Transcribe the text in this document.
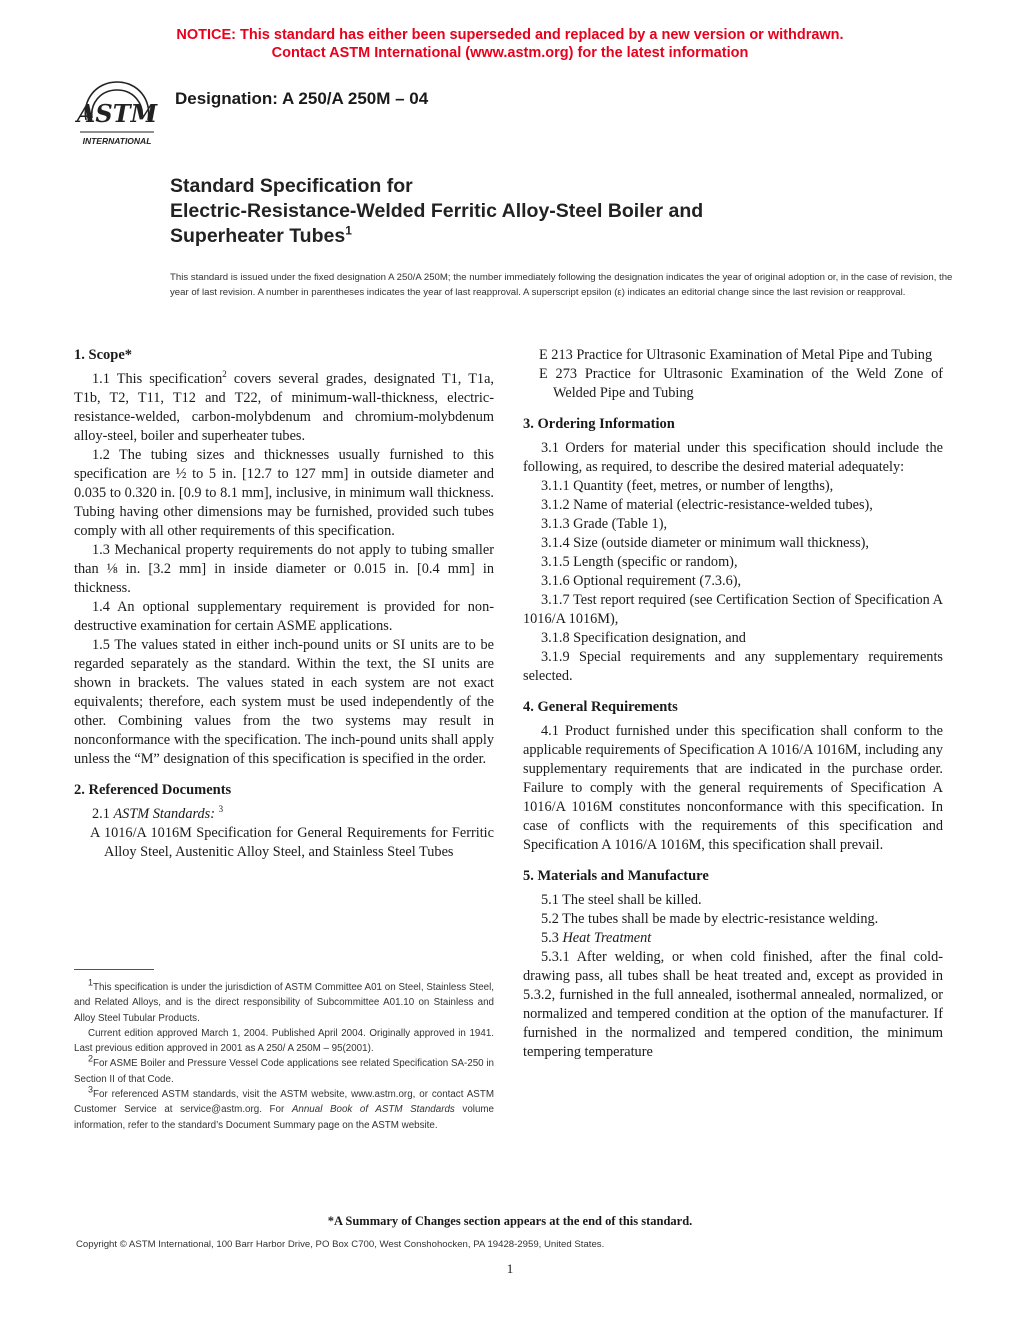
NOTICE: This standard has either been superseded and replaced by a new version or withdrawn.
Contact ASTM International (www.astm.org) for the latest information
ASTM
INTERNATIONAL
Designation: A 250/A 250M – 04
Standard Specification for
Electric-Resistance-Welded Ferritic Alloy-Steel Boiler and
Superheater Tubes$^1$
This standard is issued under the fixed designation A 250/A 250M; the number immediately following the designation indicates the year of original adoption or, in the case of revision, the year of last revision. A number in parentheses indicates the year of last reapproval. A superscript epsilon (ε) indicates an editorial change since the last revision or reapproval.
1. Scope*

1.1 This specification$^2$ covers several grades, designated T1, T1a, T1b, T2, T11, T12 and T22, of minimum-wall-thickness, electric-resistance-welded, carbon-molybdenum and chromium-molybdenum alloy-steel, boiler and superheater tubes.

1.2 The tubing sizes and thicknesses usually furnished to this specification are ½ to 5 in. [12.7 to 127 mm] in outside diameter and 0.035 to 0.320 in. [0.9 to 8.1 mm], inclusive, in minimum wall thickness. Tubing having other dimensions may be furnished, provided such tubes comply with all other requirements of this specification.

1.3 Mechanical property requirements do not apply to tubing smaller than ⅛ in. [3.2 mm] in inside diameter or 0.015 in. [0.4 mm] in thickness.

1.4 An optional supplementary requirement is provided for non-destructive examination for certain ASME applications.

1.5 The values stated in either inch-pound units or SI units are to be regarded separately as the standard. Within the text, the SI units are shown in brackets. The values stated in each system are not exact equivalents; therefore, each system must be used independently of the other. Combining values from the two systems may result in nonconformance with the specification. The inch-pound units shall apply unless the “M” designation of this specification is specified in the order.

2. Referenced Documents

2.1 ASTM Standards: $^3$

A 1016/A 1016M Specification for General Requirements for Ferritic Alloy Steel, Austenitic Alloy Steel, and Stainless Steel Tubes

$^1$This specification is under the jurisdiction of ASTM Committee A01 on Steel, Stainless Steel, and Related Alloys, and is the direct responsibility of Subcommittee A01.10 on Stainless and Alloy Steel Tubular Products.

Current edition approved March 1, 2004. Published April 2004. Originally approved in 1941. Last previous edition approved in 2001 as A 250/ A 250M – 95(2001).

$^2$For ASME Boiler and Pressure Vessel Code applications see related Specification SA-250 in Section II of that Code.

$^3$For referenced ASTM standards, visit the ASTM website, www.astm.org, or contact ASTM Customer Service at service@astm.org. For Annual Book of ASTM Standards volume information, refer to the standard’s Document Summary page on the ASTM website.

E 213 Practice for Ultrasonic Examination of Metal Pipe and Tubing

E 273 Practice for Ultrasonic Examination of the Weld Zone of Welded Pipe and Tubing

3. Ordering Information

3.1 Orders for material under this specification should include the following, as required, to describe the desired material adequately:

3.1.1 Quantity (feet, metres, or number of lengths),

3.1.2 Name of material (electric-resistance-welded tubes),

3.1.3 Grade (Table 1),

3.1.4 Size (outside diameter or minimum wall thickness),

3.1.5 Length (specific or random),

3.1.6 Optional requirement (7.3.6),

3.1.7 Test report required (see Certification Section of Specification A 1016/A 1016M),

3.1.8 Specification designation, and

3.1.9 Special requirements and any supplementary requirements selected.

4. General Requirements

4.1 Product furnished under this specification shall conform to the applicable requirements of Specification A 1016/A 1016M, including any supplementary requirements that are indicated in the purchase order. Failure to comply with the general requirements of Specification A 1016/A 1016M constitutes nonconformance with this specification. In case of conflicts with the requirements of this specification and Specification A 1016/A 1016M, this specification shall prevail.

5. Materials and Manufacture

5.1 The steel shall be killed.

5.2 The tubes shall be made by electric-resistance welding.

5.3 Heat Treatment

5.3.1 After welding, or when cold finished, after the final cold-drawing pass, all tubes shall be heat treated and, except as provided in 5.3.2, furnished in the full annealed, isothermal annealed, normalized, or normalized and tempered condition at the option of the manufacturer. If furnished in the normalized and tempered condition, the minimum tempering temperature

*A Summary of Changes section appears at the end of this standard.
Copyright © ASTM International, 100 Barr Harbor Drive, PO Box C700, West Conshohocken, PA 19428-2959, United States.
1
